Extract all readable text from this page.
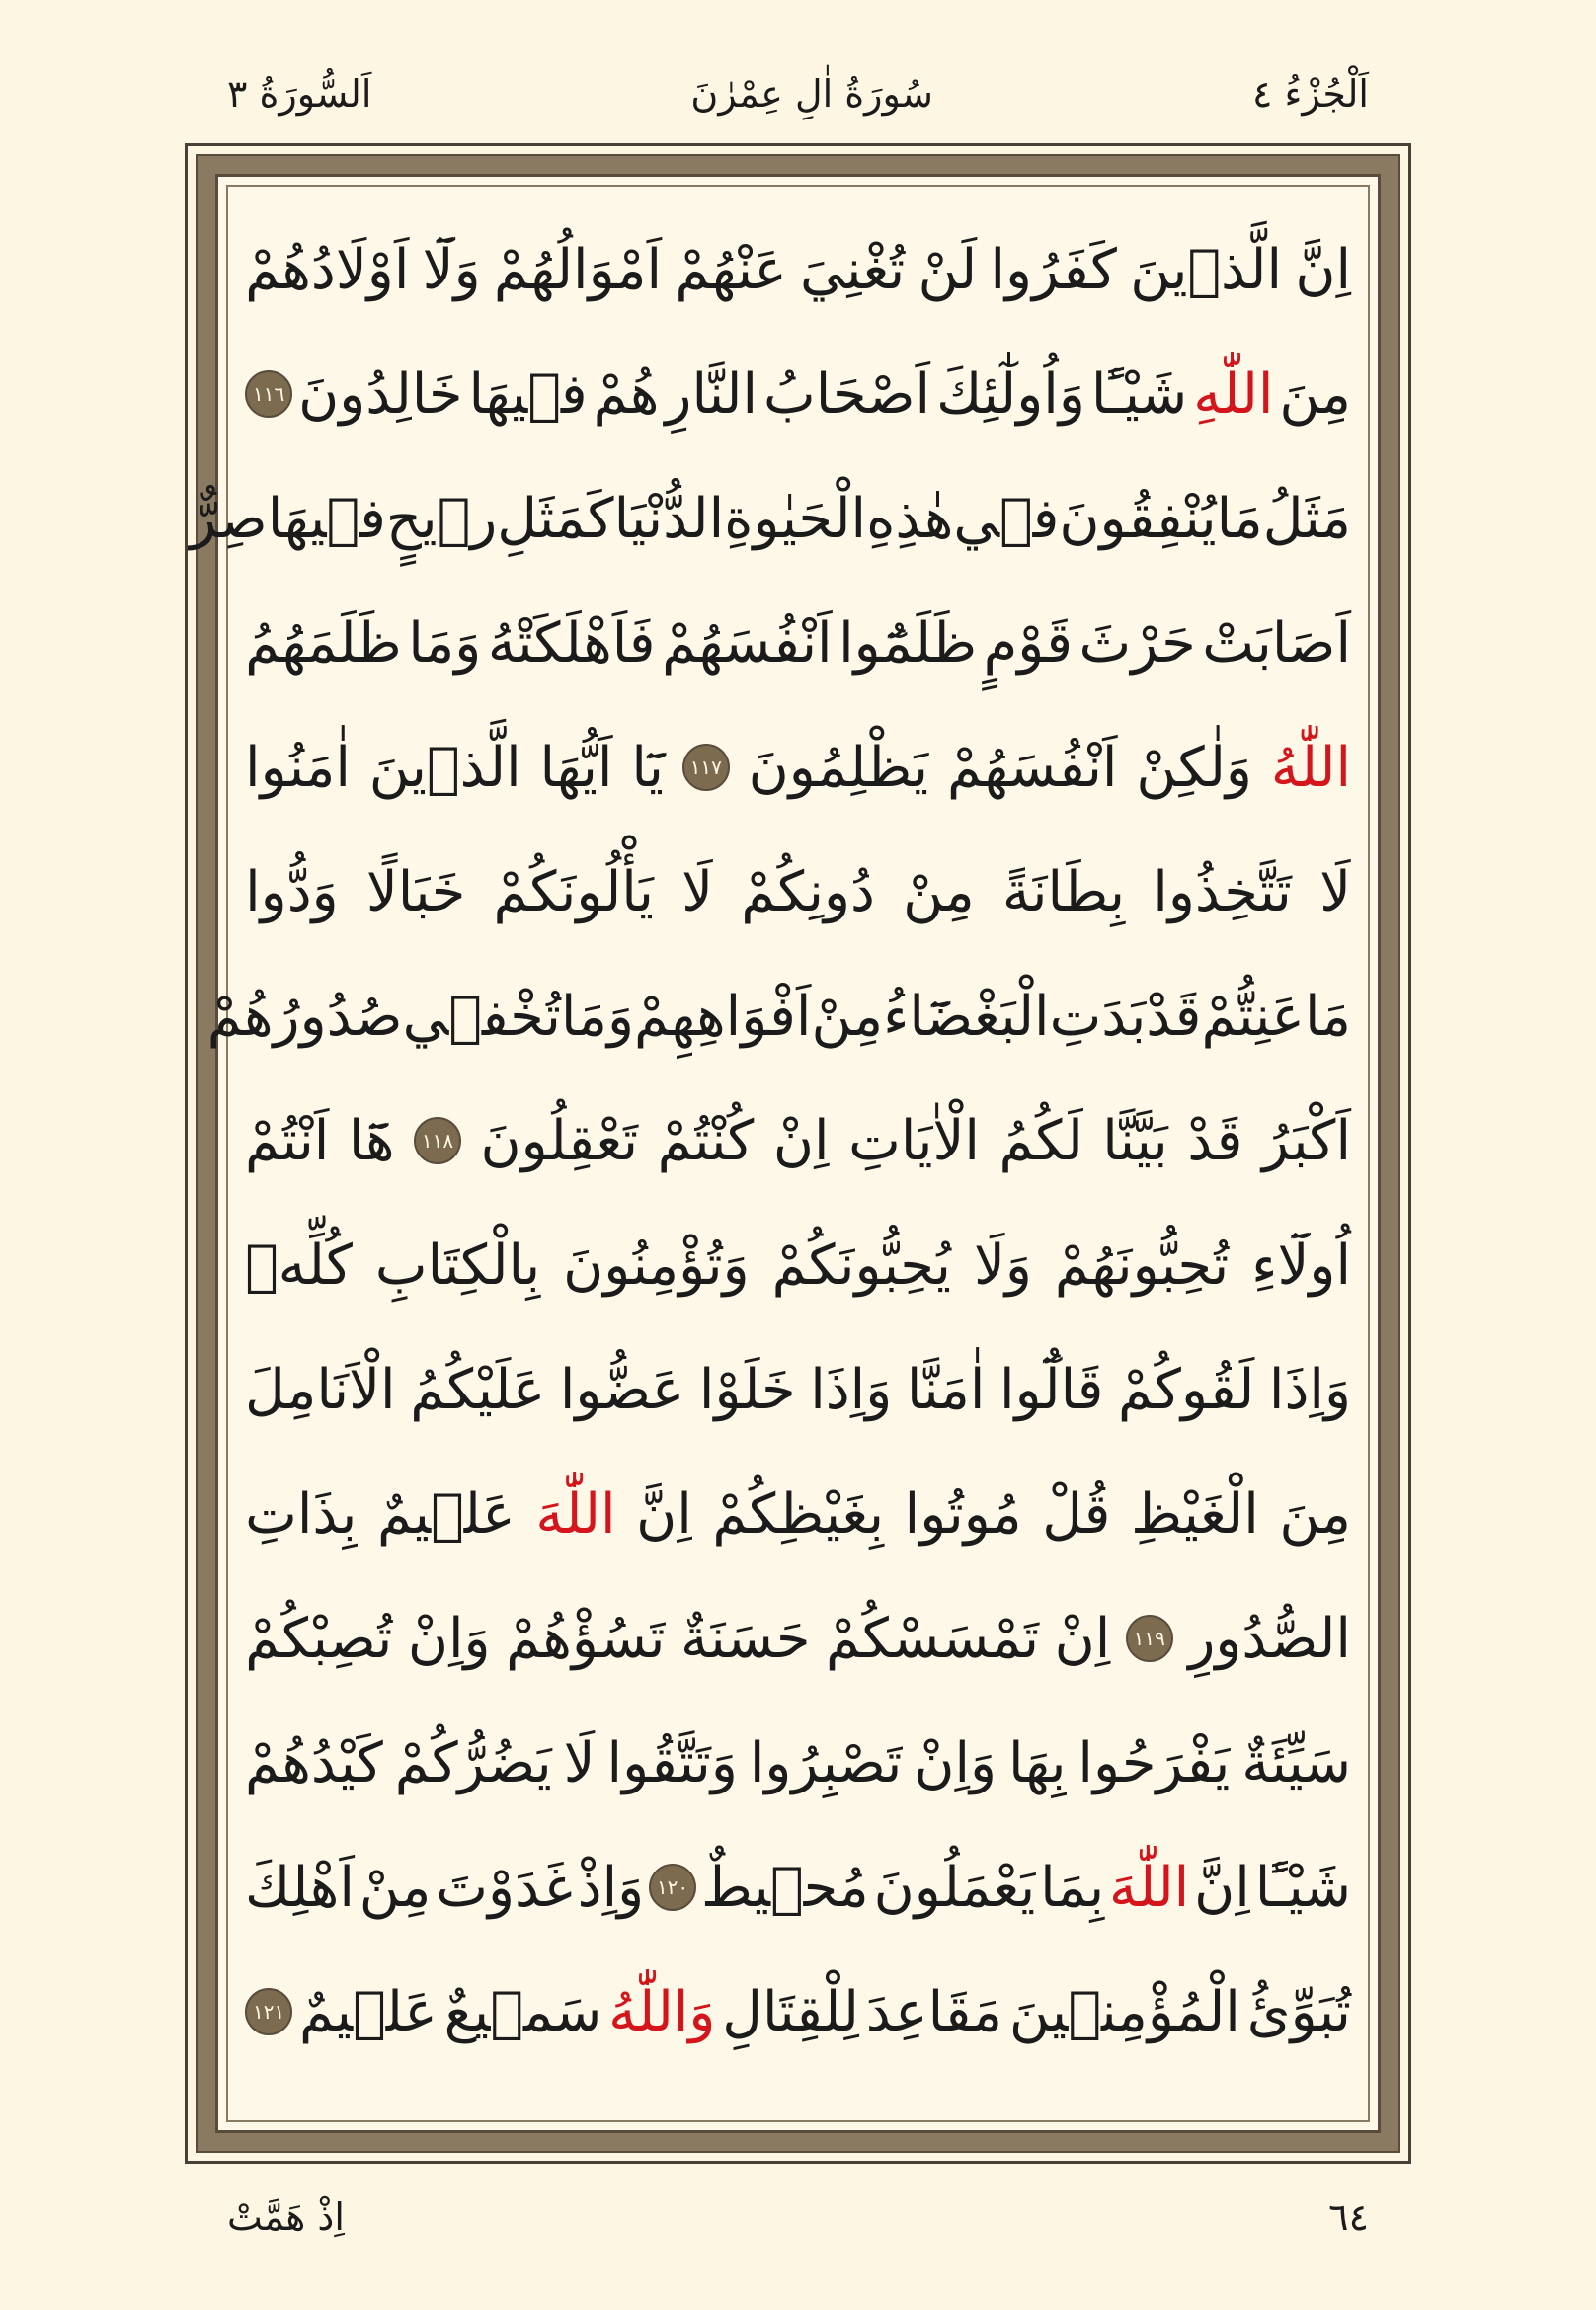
اَلْجُزْءُ ٤
سُورَةُ اٰلِ عِمْرٰنَ
اَلسُّورَةُ ٣
اِنَّ
الَّذٖينَ
كَفَرُوا
لَنْ
تُغْنِيَ
عَنْهُمْ
اَمْوَالُهُمْ
وَلَٓا
اَوْلَادُهُمْ
مِنَ
اللّٰهِ
شَيْـًٔا
وَاُولٰٓئِكَ
اَصْحَابُ
النَّارِ
هُمْ
فٖيهَا
خَالِدُونَ
١١٦
مَثَلُ
مَا
يُنْفِقُونَ
فٖي
هٰذِهِ
الْحَيٰوةِ
الدُّنْيَا
كَمَثَلِ
رٖيحٍ
فٖيهَا
صِرٌّ
اَصَابَتْ
حَرْثَ
قَوْمٍ
ظَلَمُٓوا
اَنْفُسَهُمْ
فَاَهْلَكَتْهُ
وَمَا
ظَلَمَهُمُ
اللّٰهُ
وَلٰكِنْ
اَنْفُسَهُمْ
يَظْلِمُونَ
١١٧
يَٓا
اَيُّهَا
الَّذٖينَ
اٰمَنُوا
لَا
تَتَّخِذُوا
بِطَانَةً
مِنْ
دُونِكُمْ
لَا
يَأْلُونَكُمْ
خَبَالًا
وَدُّوا
مَا
عَنِتُّمْ
قَدْ
بَدَتِ
الْبَغْضَٓاءُ
مِنْ
اَفْوَاهِهِمْ
وَمَا
تُخْفٖي
صُدُورُهُمْ
اَكْبَرُ
قَدْ
بَيَّنَّا
لَكُمُ
الْاٰيَاتِ
اِنْ
كُنْتُمْ
تَعْقِلُونَ
١١٨
هَٓا
اَنْتُمْ
اُولَٓاءِ
تُحِبُّونَهُمْ
وَلَا
يُحِبُّونَكُمْ
وَتُؤْمِنُونَ
بِالْكِتَابِ
كُلِّهٖ
وَاِذَا
لَقُوكُمْ
قَالُٓوا
اٰمَنَّا
وَاِذَا
خَلَوْا
عَضُّوا
عَلَيْكُمُ
الْاَنَامِلَ
مِنَ
الْغَيْظِ
قُلْ
مُوتُوا
بِغَيْظِكُمْ
اِنَّ
اللّٰهَ
عَلٖيمٌ
بِذَاتِ
الصُّدُورِ
١١٩
اِنْ
تَمْسَسْكُمْ
حَسَنَةٌ
تَسُؤْهُمْ
وَاِنْ
تُصِبْكُمْ
سَيِّئَةٌ
يَفْرَحُوا
بِهَا
وَاِنْ
تَصْبِرُوا
وَتَتَّقُوا
لَا
يَضُرُّكُمْ
كَيْدُهُمْ
شَيْـًٔا
اِنَّ
اللّٰهَ
بِمَا
يَعْمَلُونَ
مُحٖيطٌ
١٢٠
وَاِذْ
غَدَوْتَ
مِنْ
اَهْلِكَ
تُبَوِّئُ
الْمُؤْمِنٖينَ
مَقَاعِدَ
لِلْقِتَالِ
وَاللّٰهُ
سَمٖيعٌ
عَلٖيمٌ
١٢١
٦٤
اِذْ هَمَّتْ
